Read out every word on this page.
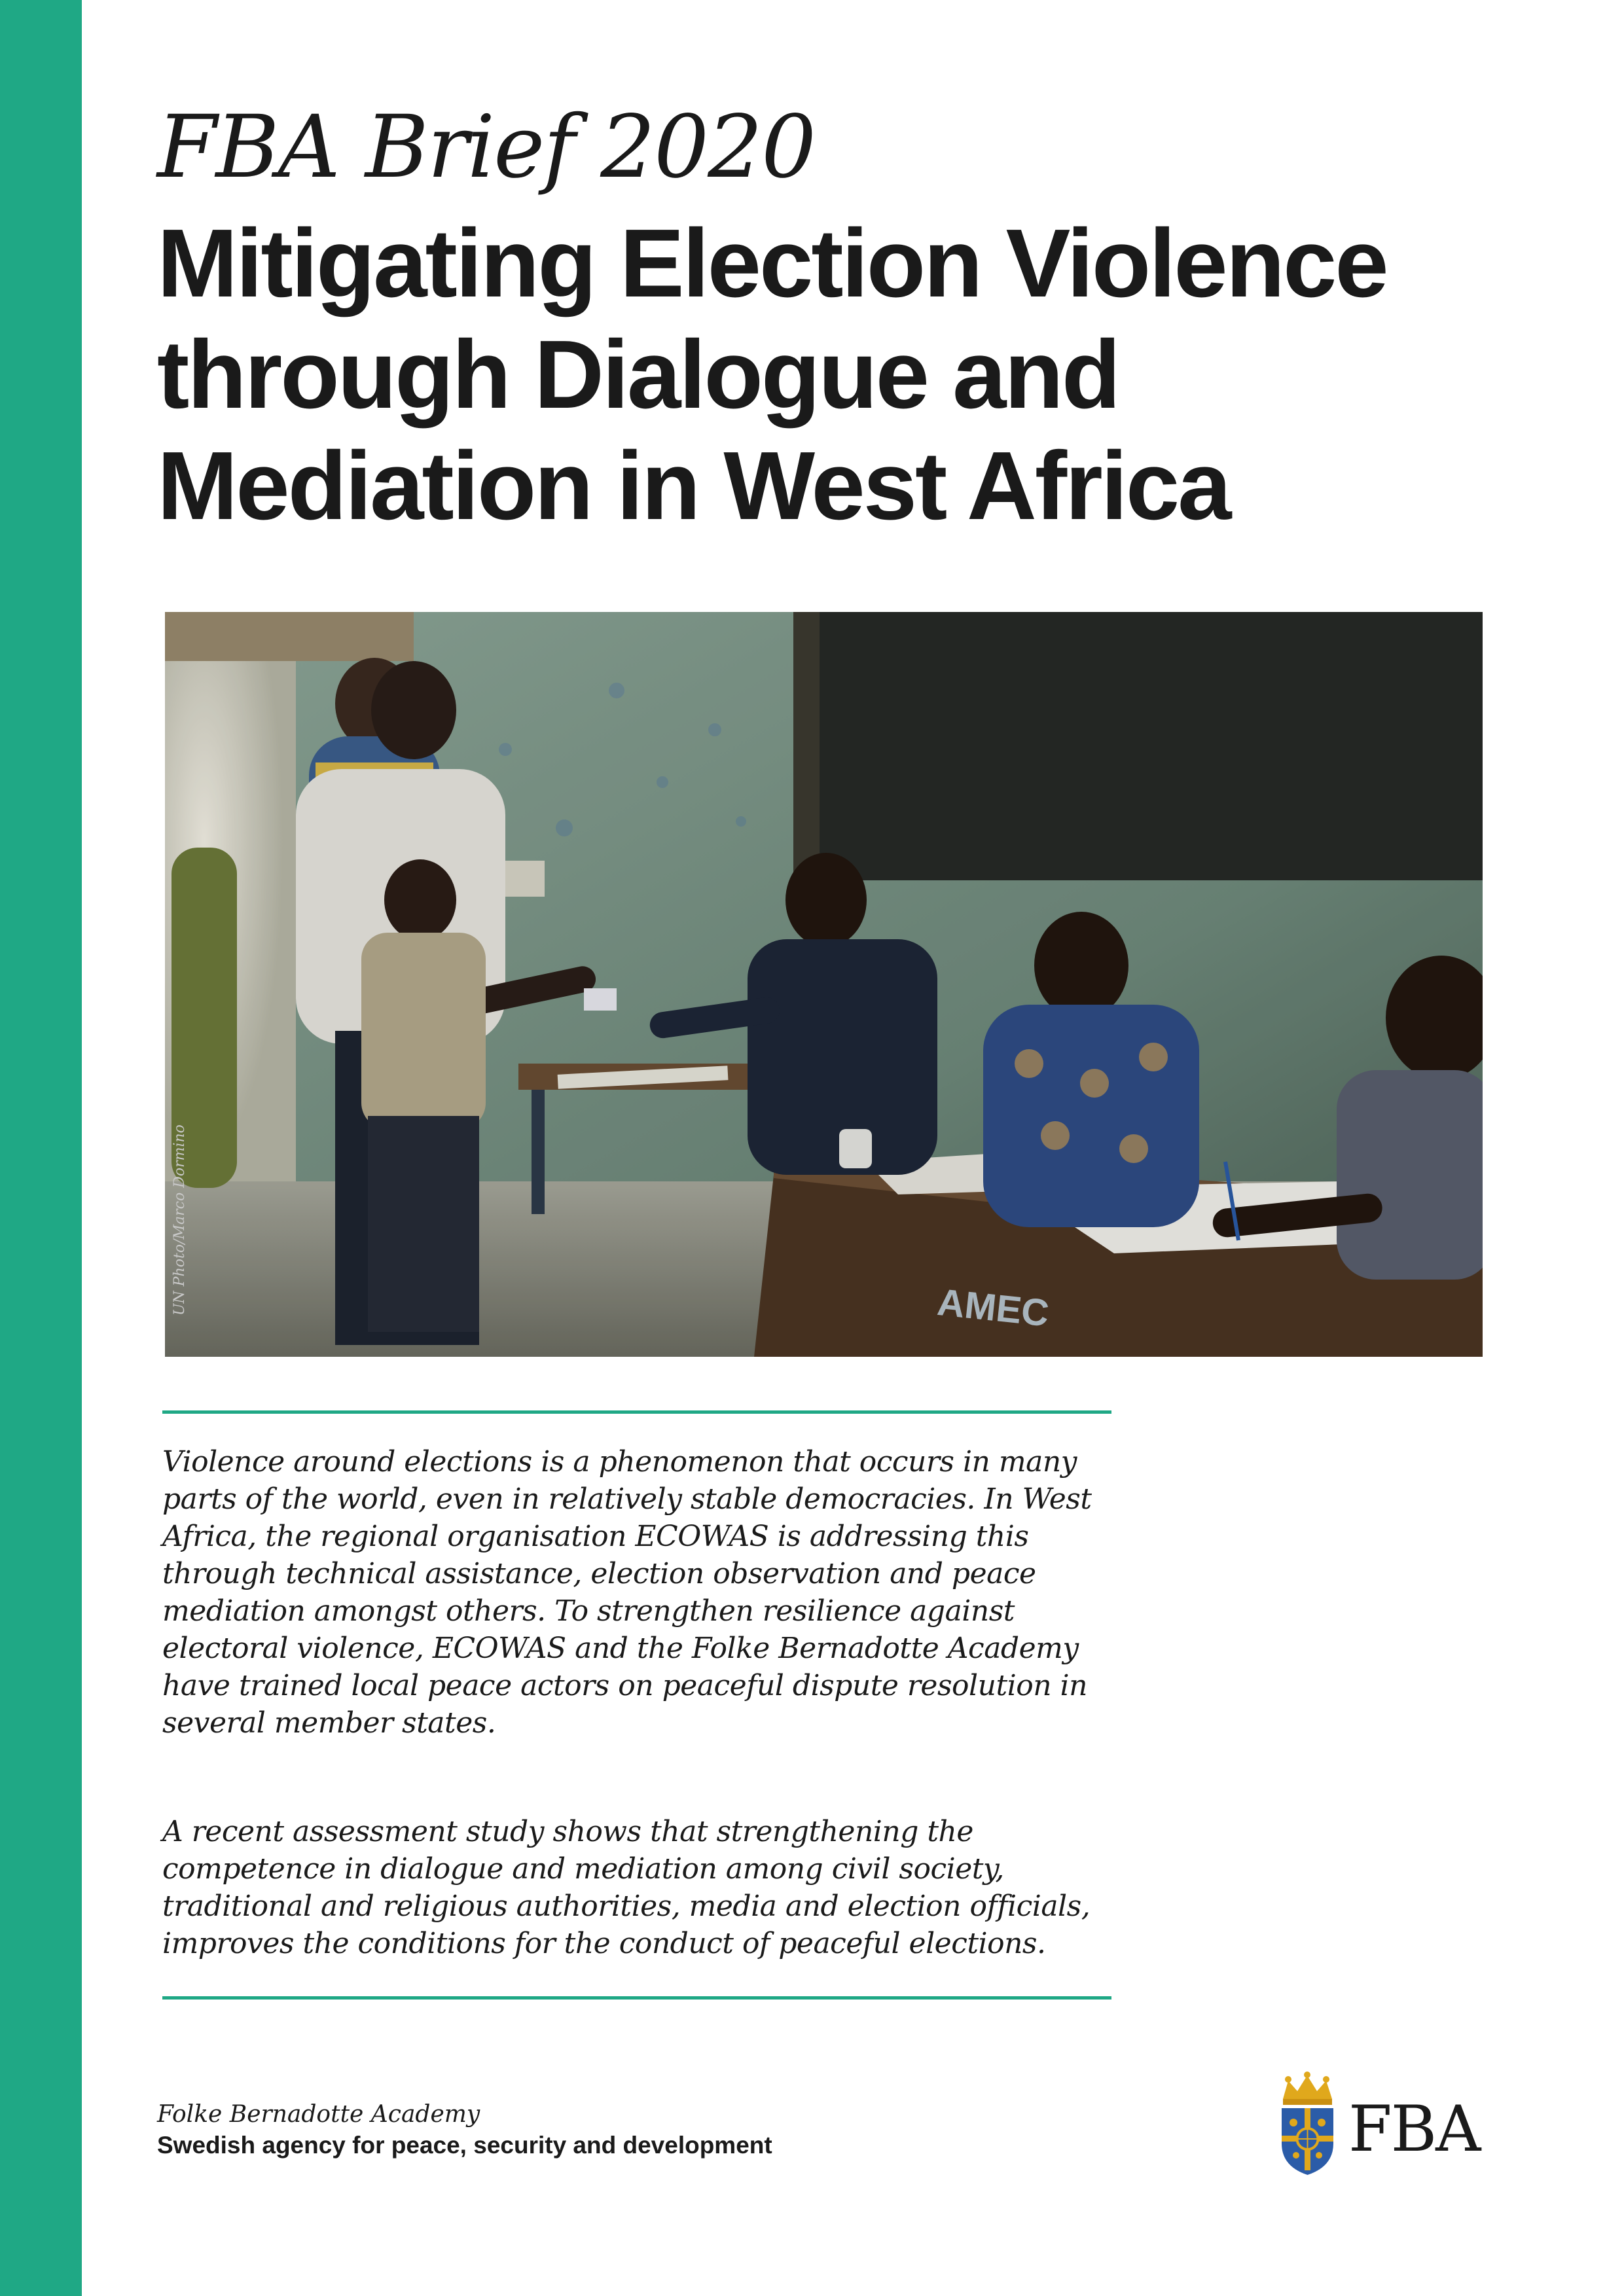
FBA Brief 2020
Mitigating Election Violence
through Dialogue and
Mediation in West Africa
AMEC
UN Photo/Marco Dormino

Violence around elections is a phenomenon that occurs in many parts of the world, even in relatively stable democracies. In West Africa, the regional organisation ECOWAS is addressing this through technical assistance, election observation and peace mediation amongst others. To strengthen resilience against electoral violence, ECOWAS and the Folke Bernadotte Academy have trained local peace actors on peaceful dispute resolution in several member states.

A recent assessment study shows that strengthening the competence in dialogue and mediation among civil society, traditional and religious authorities, media and election officials, improves the conditions for the conduct of peaceful elections.

Folke Bernadotte Academy
Swedish agency for peace, security and development	FBA
